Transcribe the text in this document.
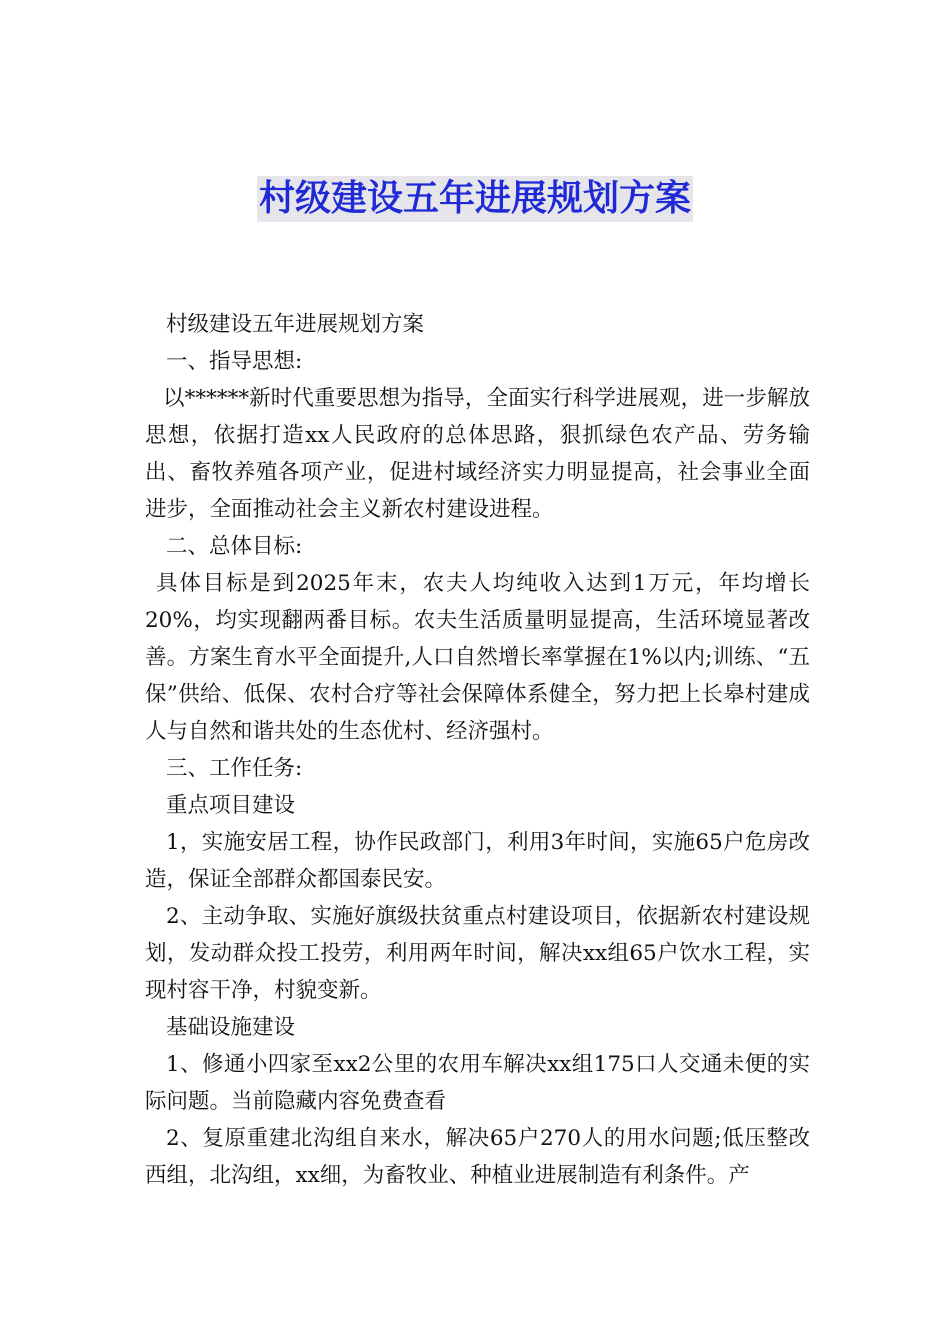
村级建设五年进展规划方案

村级建设五年进展规划方案

一、指导思想:

以******新时代重要思想为指导，全面实行科学进展观，进一步解放思想，依据打造xx人民政府的总体思路，狠抓绿色农产品、劳务输出、畜牧养殖各项产业，促进村域经济实力明显提高，社会事业全面进步，全面推动社会主义新农村建设进程。

二、总体目标:

具体目标是到2025年末，农夫人均纯收入达到1万元，年均增长20%，均实现翻两番目标。农夫生活质量明显提高，生活环境显著改善。方案生育水平全面提升,人口自然增长率掌握在1%以内;训练、“五保”供给、低保、农村合疗等社会保障体系健全，努力把上长皋村建成人与自然和谐共处的生态优村、经济强村。

三、工作任务:

重点项目建设

1，实施安居工程，协作民政部门，利用3年时间，实施65户危房改造，保证全部群众都国泰民安。

2、主动争取、实施好旗级扶贫重点村建设项目，依据新农村建设规划，发动群众投工投劳，利用两年时间，解决xx组65户饮水工程，实现村容干净，村貌变新。

基础设施建设

1、修通小四家至xx2公里的农用车解决xx组175口人交通未便的实际问题。当前隐藏内容免费查看

2、复原重建北沟组自来水，解决65户270人的用水问题;低压整改西组，北沟组，xx细，为畜牧业、种植业进展制造有利条件。产
